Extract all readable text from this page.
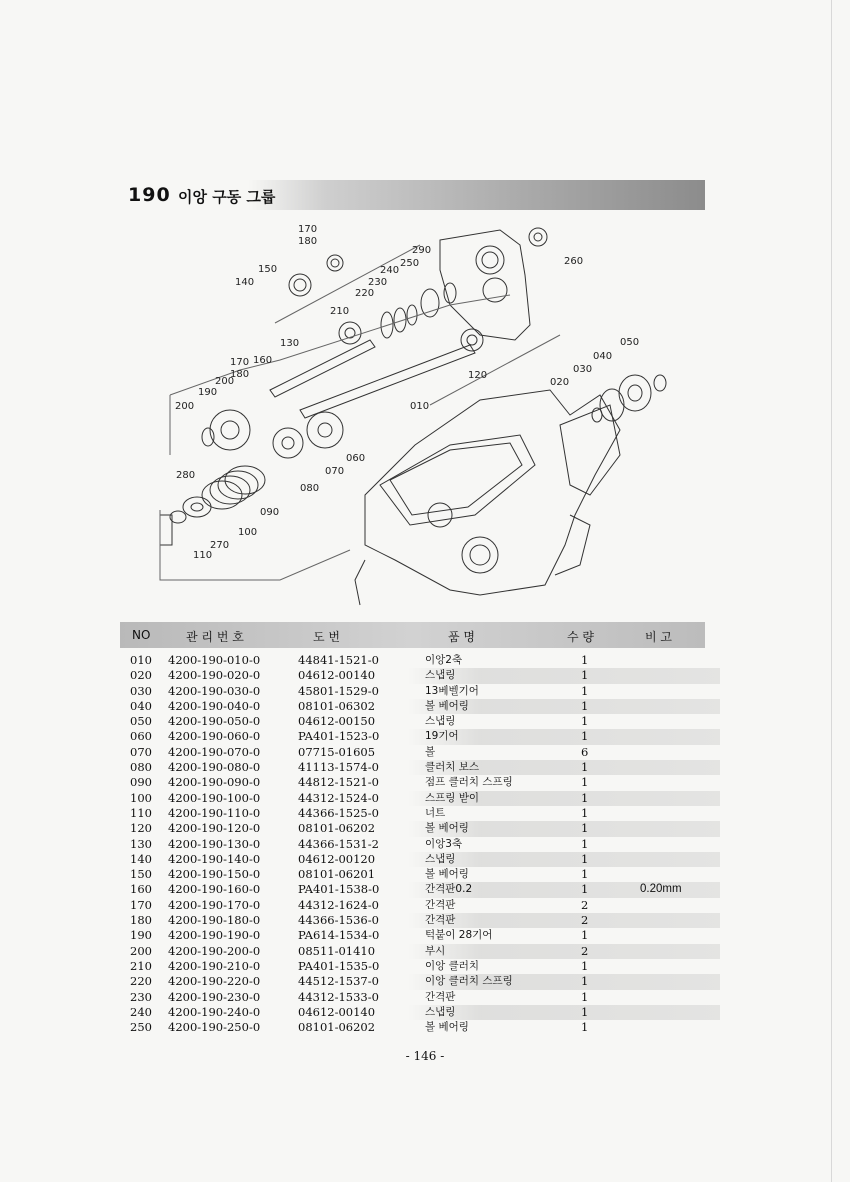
190 이앙 구동 그룹
170
180
150
140
290
260
240
250
230
220
210
130
120
050
040
030
020
170 160
180
200
190
010
200
060
070
080
280
090
100
270
110
NO	관 리 번 호	도 번	품 명	수 량	비 고
010 4200-190-010-0	44841-1521-0	이앙2축	1
020 4200-190-020-0	04612-00140	스냅링	1
030 4200-190-030-0	45801-1529-0	13베벨기어	1
040 4200-190-040-0	08101-06302	볼 베어링	1
050 4200-190-050-0	04612-00150	스냅링	1
060 4200-190-060-0	PA401-1523-0	19기어	1
070 4200-190-070-0	07715-01605	볼	6
080 4200-190-080-0	41113-1574-0	클러치 보스	1
090 4200-190-090-0	44812-1521-0	점프 클러치 스프링	1
100 4200-190-100-0	44312-1524-0	스프링 받이	1
110 4200-190-110-0	44366-1525-0	너트	1
120 4200-190-120-0	08101-06202	볼 베어링	1
130 4200-190-130-0	44366-1531-2	이앙3축	1
140 4200-190-140-0	04612-00120	스냅링	1
150 4200-190-150-0	08101-06201	볼 베어링	1
160 4200-190-160-0	PA401-1538-0	간격판0.2	1	0.20mm
170 4200-190-170-0	44312-1624-0	간격판	2
180 4200-190-180-0	44366-1536-0	간격판	2
190 4200-190-190-0	PA614-1534-0	턱붙이 28기어	1
200 4200-190-200-0	08511-01410	부시	2
210 4200-190-210-0	PA401-1535-0	이앙 클러치	1
220 4200-190-220-0	44512-1537-0	이앙 클러치 스프링	1
230 4200-190-230-0	44312-1533-0	간격판	1
240 4200-190-240-0	04612-00140	스냅링	1
250 4200-190-250-0	08101-06202	볼 베어링	1
- 146 -
